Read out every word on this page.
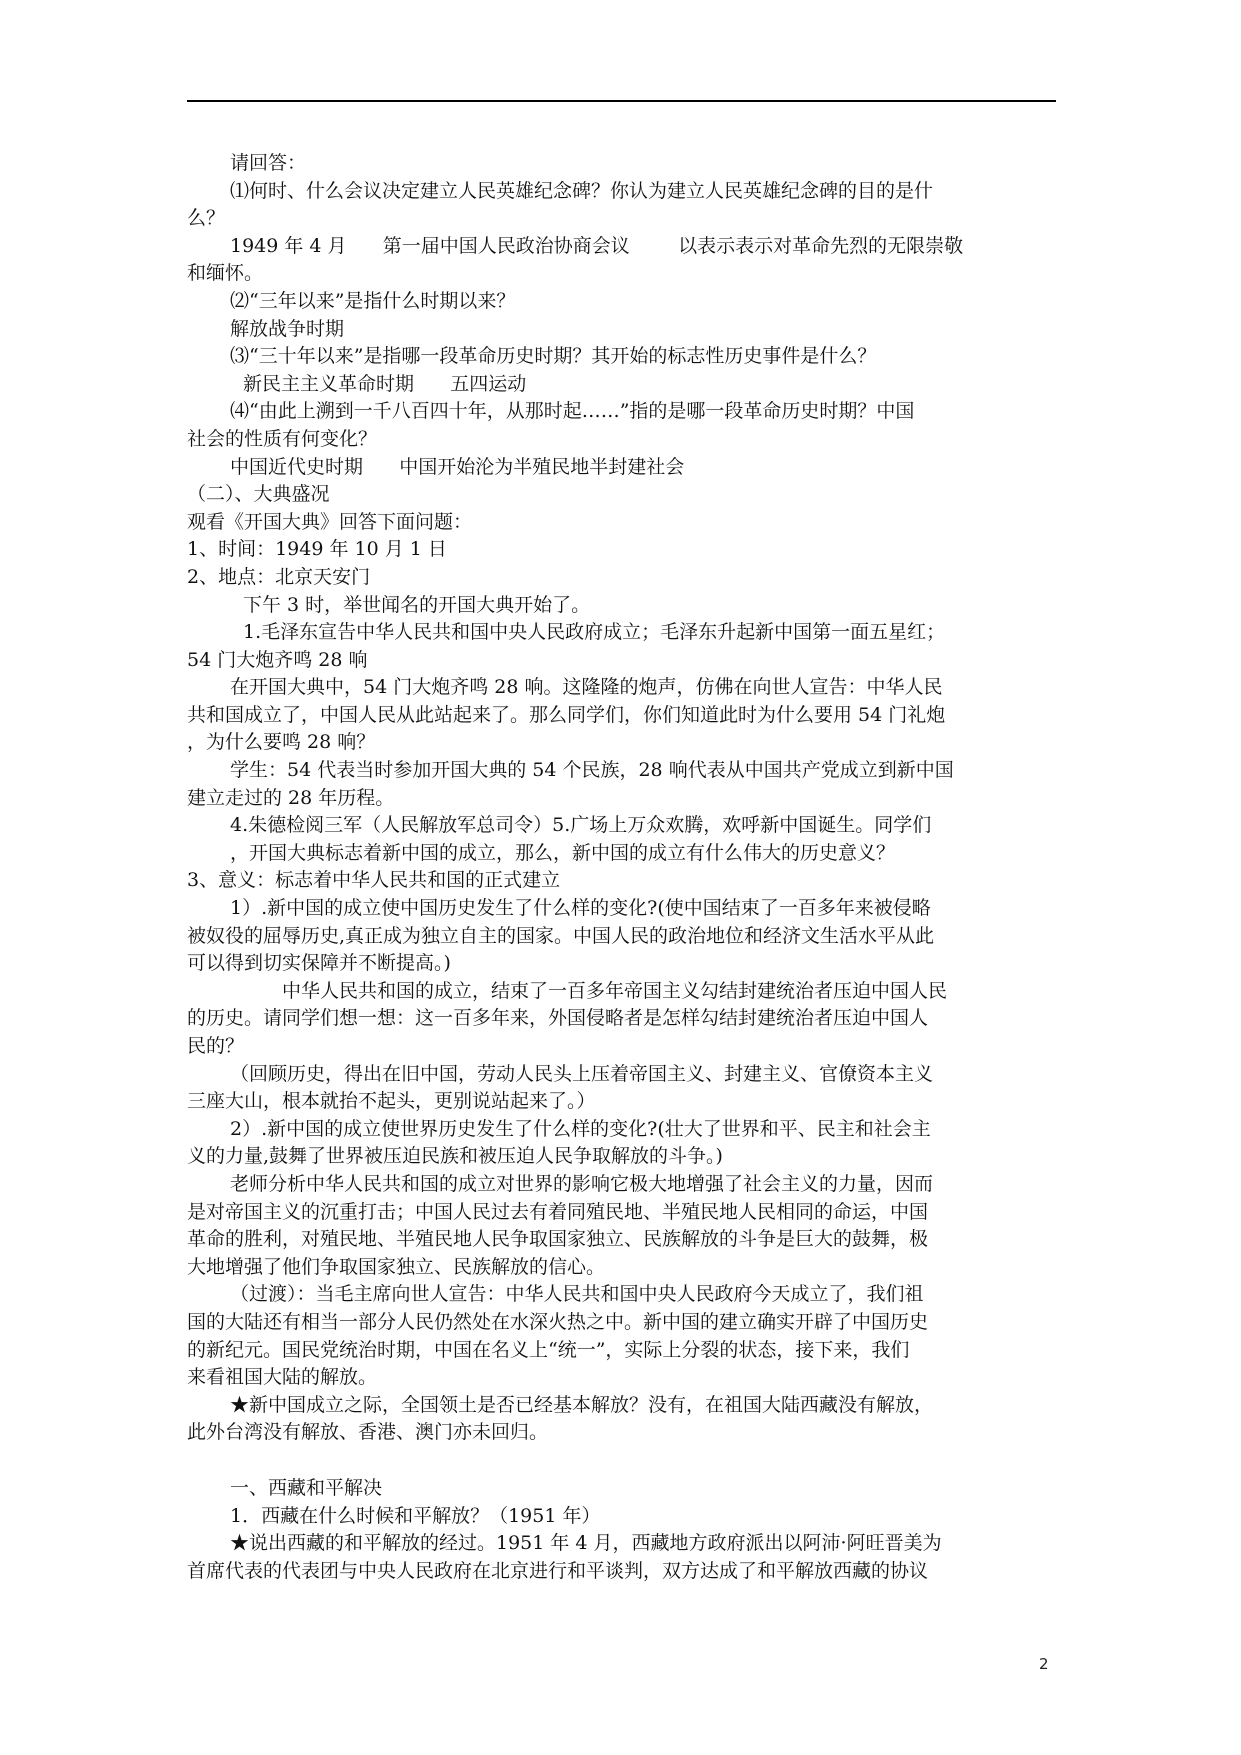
请回答：
⑴何时、什么会议决定建立人民英雄纪念碑？你认为建立人民英雄纪念碑的目的是什
么？
1949 年 4 月      第一届中国人民政治协商会议        以表示表示对革命先烈的无限崇敬
和缅怀。
⑵“三年以来”是指什么时期以来？
解放战争时期
⑶“三十年以来”是指哪一段革命历史时期？其开始的标志性历史事件是什么？
新民主主义革命时期      五四运动
⑷“由此上溯到一千八百四十年，从那时起……”指的是哪一段革命历史时期？中国
社会的性质有何变化？
中国近代史时期      中国开始沦为半殖民地半封建社会
（二）、大典盛况
观看《开国大典》回答下面问题：
1、时间：1949 年 10 月 1 日
2、地点：北京天安门
下午 3 时，举世闻名的开国大典开始了。
1.毛泽东宣告中华人民共和国中央人民政府成立；毛泽东升起新中国第一面五星红；
54 门大炮齐鸣 28 响
在开国大典中，54 门大炮齐鸣 28 响。这隆隆的炮声，仿佛在向世人宣告：中华人民
共和国成立了，中国人民从此站起来了。那么同学们，你们知道此时为什么要用 54 门礼炮
，为什么要鸣 28 响？
学生：54 代表当时参加开国大典的 54 个民族，28 响代表从中国共产党成立到新中国
建立走过的 28 年历程。
4.朱德检阅三军（人民解放军总司令）5.广场上万众欢腾，欢呼新中国诞生。同学们
，开国大典标志着新中国的成立，那么，新中国的成立有什么伟大的历史意义？
3、意义：标志着中华人民共和国的正式建立
1）.新中国的成立使中国历史发生了什么样的变化?(使中国结束了一百多年来被侵略
被奴役的屈辱历史,真正成为独立自主的国家。中国人民的政治地位和经济文生活水平从此
可以得到切实保障并不断提高。)
中华人民共和国的成立，结束了一百多年帝国主义勾结封建统治者压迫中国人民
的历史。请同学们想一想：这一百多年来，外国侵略者是怎样勾结封建统治者压迫中国人
民的？
（回顾历史，得出在旧中国，劳动人民头上压着帝国主义、封建主义、官僚资本主义
三座大山，根本就抬不起头，更别说站起来了。）
2）.新中国的成立使世界历史发生了什么样的变化?(壮大了世界和平、民主和社会主
义的力量,鼓舞了世界被压迫民族和被压迫人民争取解放的斗争。)
老师分析中华人民共和国的成立对世界的影响它极大地增强了社会主义的力量，因而
是对帝国主义的沉重打击；中国人民过去有着同殖民地、半殖民地人民相同的命运，中国
革命的胜利，对殖民地、半殖民地人民争取国家独立、民族解放的斗争是巨大的鼓舞，极
大地增强了他们争取国家独立、民族解放的信心。
（过渡）：当毛主席向世人宣告：中华人民共和国中央人民政府今天成立了，我们祖
国的大陆还有相当一部分人民仍然处在水深火热之中。新中国的建立确实开辟了中国历史
的新纪元。国民党统治时期，中国在名义上“统一”，实际上分裂的状态，接下来，我们
来看祖国大陆的解放。
★新中国成立之际，全国领土是否已经基本解放？没有，在祖国大陆西藏没有解放，
此外台湾没有解放、香港、澳门亦未回归。
一、西藏和平解决
1．西藏在什么时候和平解放？（1951 年）
★说出西藏的和平解放的经过。1951 年 4 月，西藏地方政府派出以阿沛·阿旺晋美为
首席代表的代表团与中央人民政府在北京进行和平谈判，双方达成了和平解放西藏的协议
2
